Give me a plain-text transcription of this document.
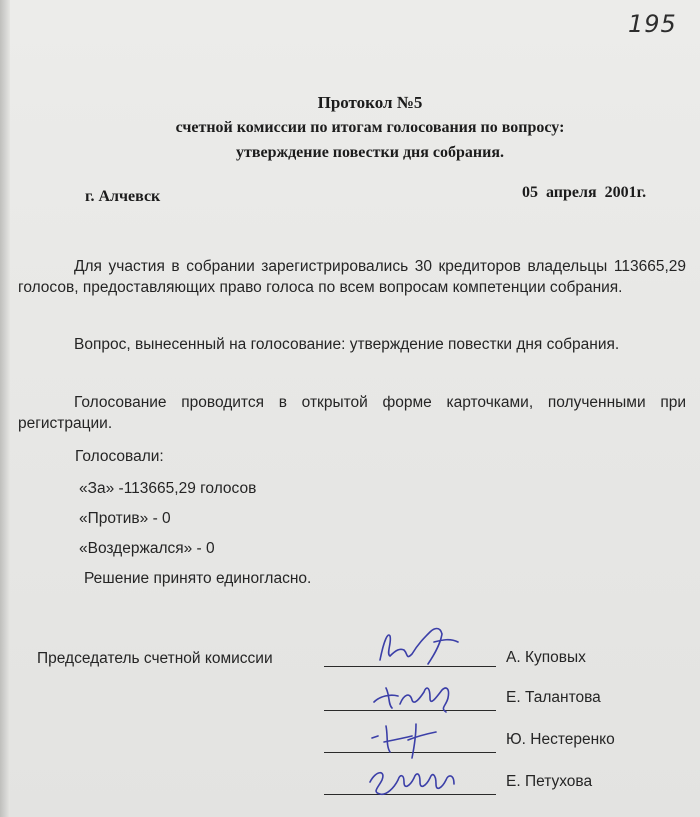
195
Протокол №5
счетной комиссии по итогам голосования по вопросу:
утверждение повестки дня собрания.
г. Алчевск	05 апреля 2001г.
Для участия в собрании зарегистрировались 30 кредиторов владельцы 113665,29 голосов, предоставляющих право голоса по всем вопросам компетенции собрания.
Вопрос, вынесенный на голосование: утверждение повестки дня собрания.
Голосование проводится в открытой форме карточками, полученными при регистрации.
Голосовали:
«За» -113665,29 голосов
«Против» - 0
«Воздержался» - 0
Решение принято единогласно.
Председатель счетной комиссии	А. Куповых
Е. Талантова
Ю. Нестеренко
Е. Петухова
